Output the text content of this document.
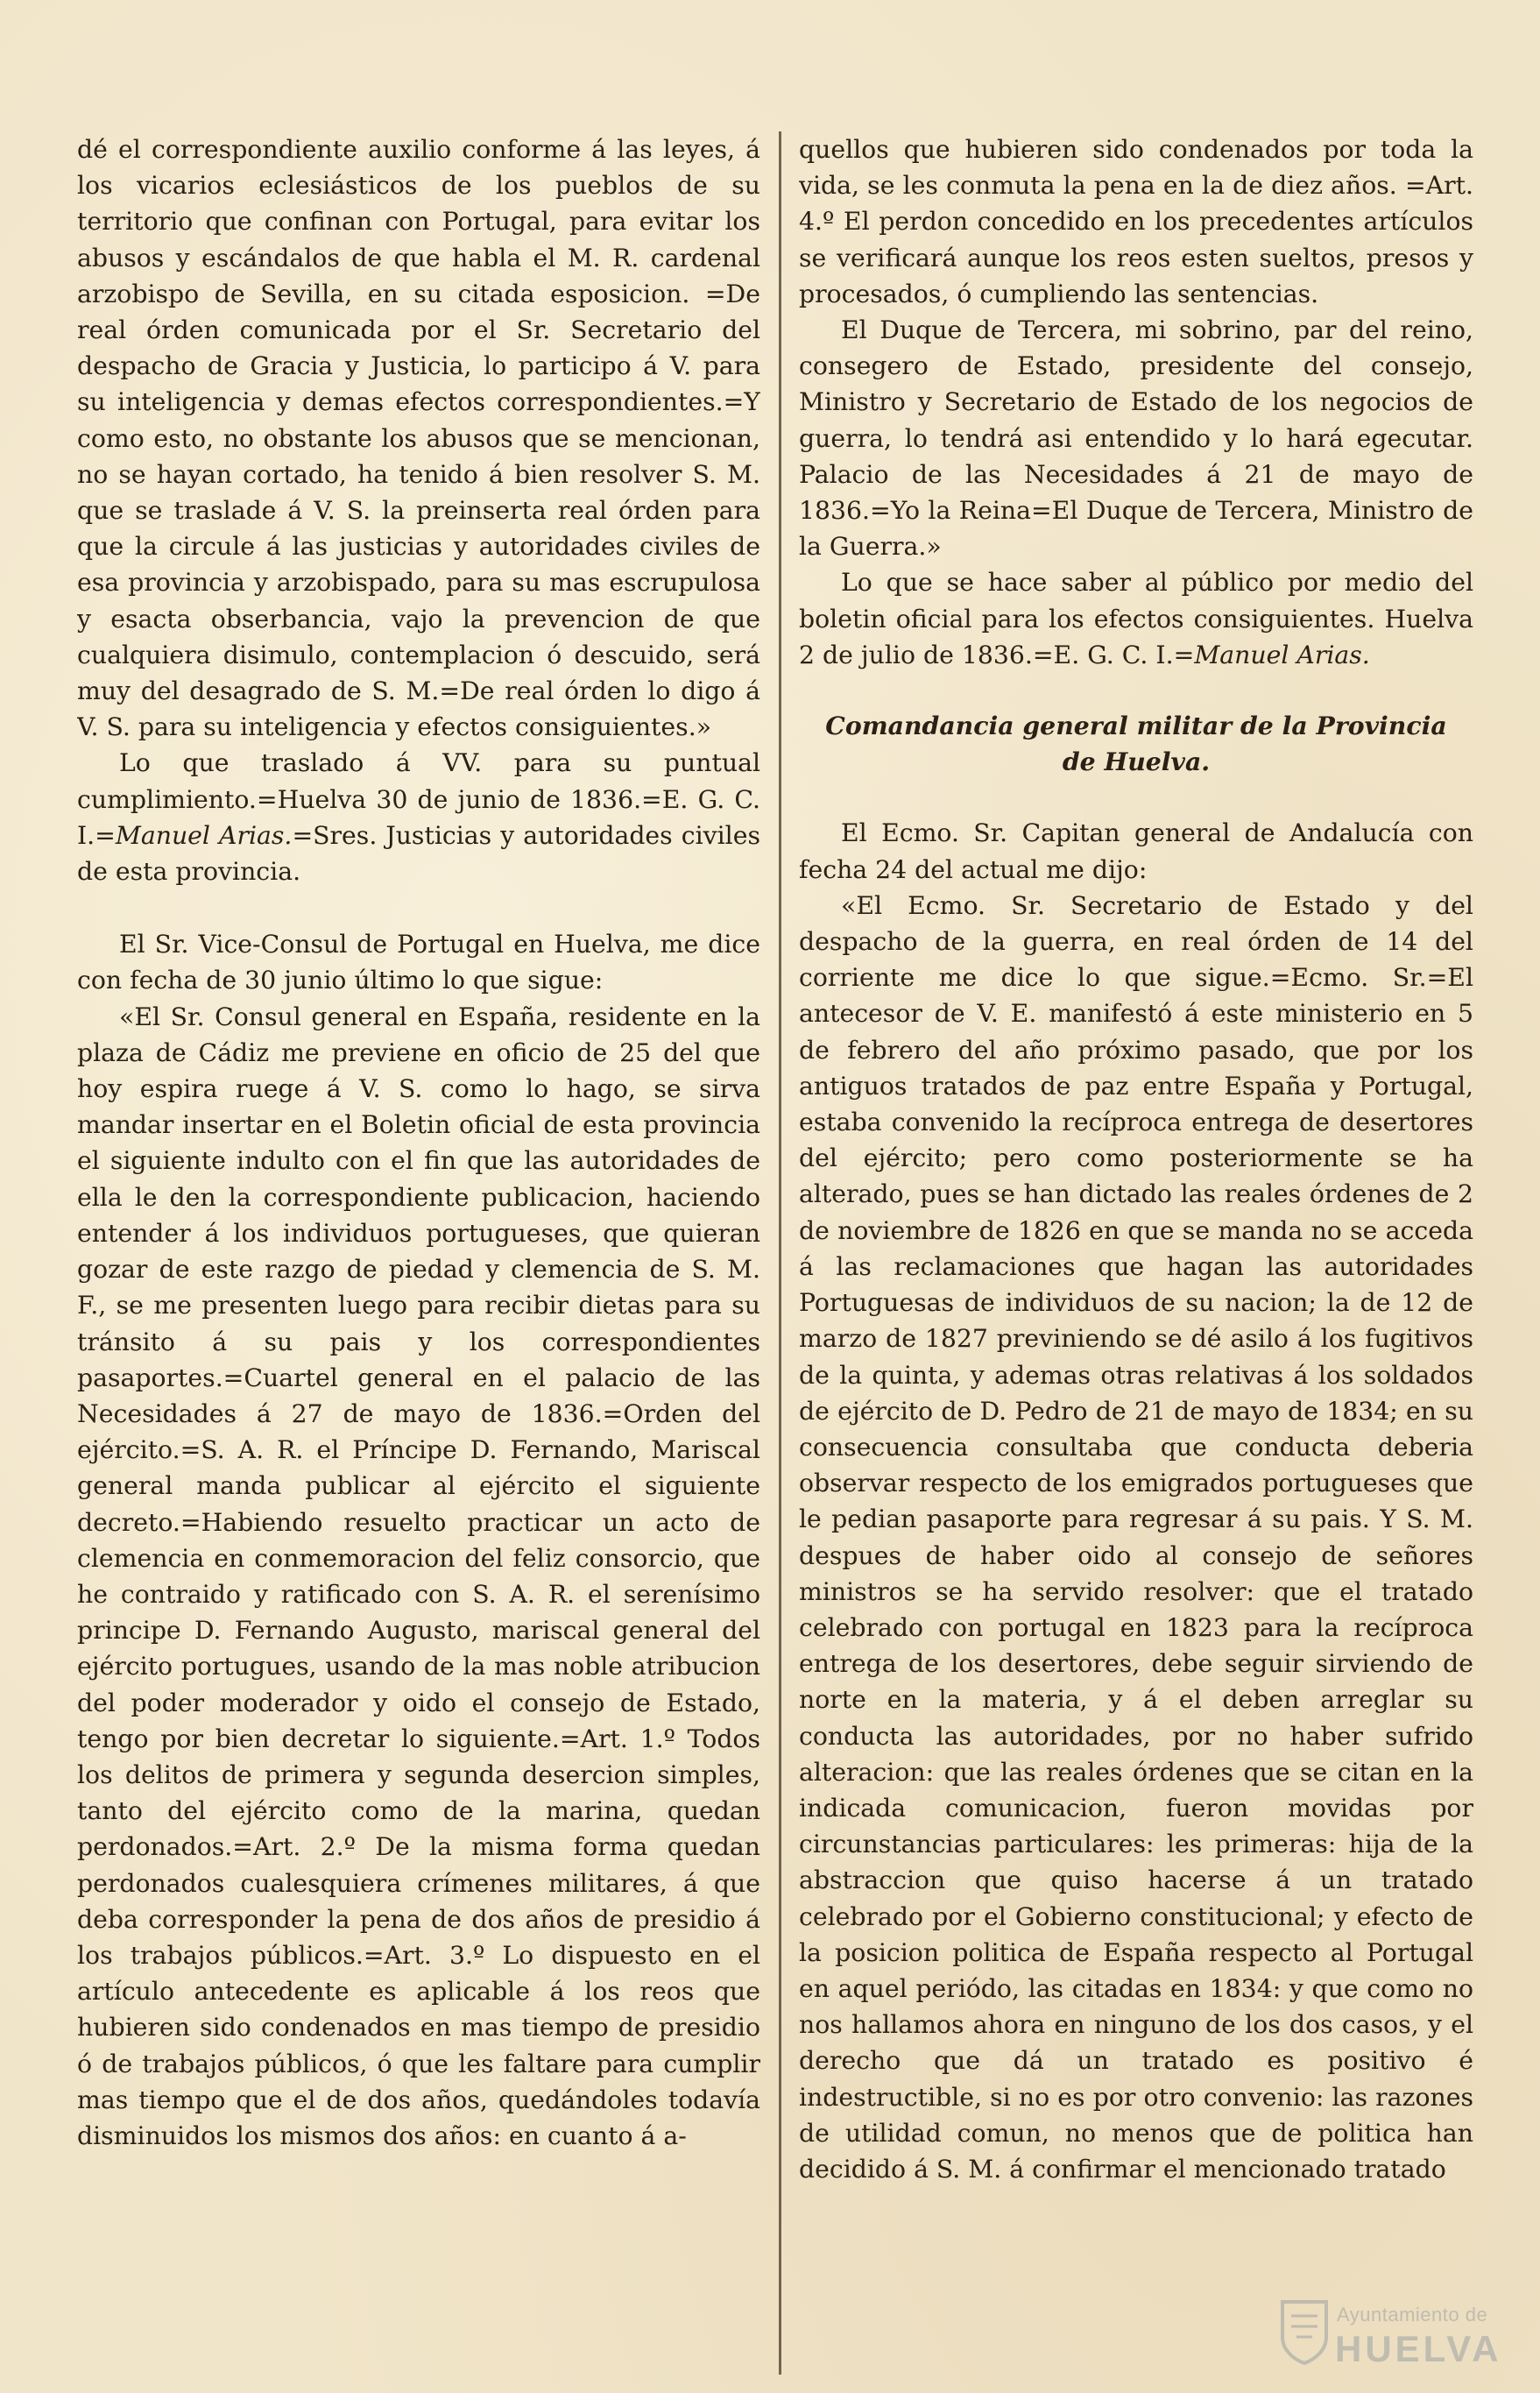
dé el correspondiente auxilio conforme á las leyes, á los vicarios eclesiásticos de los pueblos de su territorio que confinan con Portugal, para evitar los abusos y escándalos de que habla el M. R. cardenal arzobispo de Sevilla, en su citada esposicion. =De real órden comunicada por el Sr. Secretario del despacho de Gracia y Justicia, lo participo á V. para su inteligencia y demas efectos correspondientes.=Y como esto, no obstante los abusos que se mencionan, no se hayan cortado, ha tenido á bien resolver S. M. que se traslade á V. S. la preinserta real órden para que la circule á las justicias y autoridades civiles de esa provincia y arzobispado, para su mas escrupulosa y esacta obserbancia, vajo la prevencion de que cualquiera disimulo, contemplacion ó descuido, será muy del desagrado de S. M.=De real órden lo digo á V. S. para su inteligencia y efectos consiguientes.»

Lo que traslado á VV. para su puntual cumplimiento.=Huelva 30 de junio de 1836.=E. G. C. I.=Manuel Arias.=Sres. Justicias y autoridades civiles de esta provincia.

El Sr. Vice-Consul de Portugal en Huelva, me dice con fecha de 30 junio último lo que sigue:

«El Sr. Consul general en España, residente en la plaza de Cádiz me previene en oficio de 25 del que hoy espira ruege á V. S. como lo hago, se sirva mandar insertar en el Boletin oficial de esta provincia el siguiente indulto con el fin que las autoridades de ella le den la correspondiente publicacion, haciendo entender á los individuos portugueses, que quieran gozar de este razgo de piedad y clemencia de S. M. F., se me presenten luego para recibir dietas para su tránsito á su pais y los correspondientes pasaportes.=Cuartel general en el palacio de las Necesidades á 27 de mayo de 1836.=Orden del ejército.=S. A. R. el Príncipe D. Fernando, Mariscal general manda publicar al ejército el siguiente decreto.=Habiendo resuelto practicar un acto de clemencia en conmemoracion del feliz consorcio, que he contraido y ratificado con S. A. R. el serenísimo principe D. Fernando Augusto, mariscal general del ejército portugues, usando de la mas noble atribucion del poder moderador y oido el consejo de Estado, tengo por bien decretar lo siguiente.=Art. 1.º Todos los delitos de primera y segunda desercion simples, tanto del ejército como de la marina, quedan perdonados.=Art. 2.º De la misma forma quedan perdonados cualesquiera crímenes militares, á que deba corresponder la pena de dos años de presidio á los trabajos públicos.=Art. 3.º Lo dispuesto en el artículo antecedente es aplicable á los reos que hubieren sido condenados en mas tiempo de presidio ó de trabajos públicos, ó que les faltare para cumplir mas tiempo que el de dos años, quedándoles todavía disminuidos los mismos dos años: en cuanto á a-

quellos que hubieren sido condenados por toda la vida, se les conmuta la pena en la de diez años. =Art. 4.º El perdon concedido en los precedentes artículos se verificará aunque los reos esten sueltos, presos y procesados, ó cumpliendo las sentencias.

El Duque de Tercera, mi sobrino, par del reino, consegero de Estado, presidente del consejo, Ministro y Secretario de Estado de los negocios de guerra, lo tendrá asi entendido y lo hará egecutar. Palacio de las Necesidades á 21 de mayo de 1836.=Yo la Reina=El Duque de Tercera, Ministro de la Guerra.»

Lo que se hace saber al público por medio del boletin oficial para los efectos consiguientes. Huelva 2 de julio de 1836.=E. G. C. I.=Manuel Arias.

Comandancia general militar de la Provincia de Huelva.

El Ecmo. Sr. Capitan general de Andalucía con fecha 24 del actual me dijo:

«El Ecmo. Sr. Secretario de Estado y del despacho de la guerra, en real órden de 14 del corriente me dice lo que sigue.=Ecmo. Sr.=El antecesor de V. E. manifestó á este ministerio en 5 de febrero del año próximo pasado, que por los antiguos tratados de paz entre España y Portugal, estaba convenido la recíproca entrega de desertores del ejército; pero como posteriormente se ha alterado, pues se han dictado las reales órdenes de 2 de noviembre de 1826 en que se manda no se acceda á las reclamaciones que hagan las autoridades Portuguesas de individuos de su nacion; la de 12 de marzo de 1827 previniendo se dé asilo á los fugitivos de la quinta, y ademas otras relativas á los soldados de ejército de D. Pedro de 21 de mayo de 1834; en su consecuencia consultaba que conducta deberia observar respecto de los emigrados portugueses que le pedian pasaporte para regresar á su pais. Y S. M. despues de haber oido al consejo de señores ministros se ha servido resolver: que el tratado celebrado con portugal en 1823 para la recíproca entrega de los desertores, debe seguir sirviendo de norte en la materia, y á el deben arreglar su conducta las autoridades, por no haber sufrido alteracion: que las reales órdenes que se citan en la indicada comunicacion, fueron movidas por circunstancias particulares: les primeras: hija de la abstraccion que quiso hacerse á un tratado celebrado por el Gobierno constitucional; y efecto de la posicion politica de España respecto al Portugal en aquel periódo, las citadas en 1834: y que como no nos hallamos ahora en ninguno de los dos casos, y el derecho que dá un tratado es positivo é indestructible, si no es por otro convenio: las razones de utilidad comun, no menos que de politica han decidido á S. M. á confirmar el mencionado tratado

Ayuntamiento de
HUELVA
